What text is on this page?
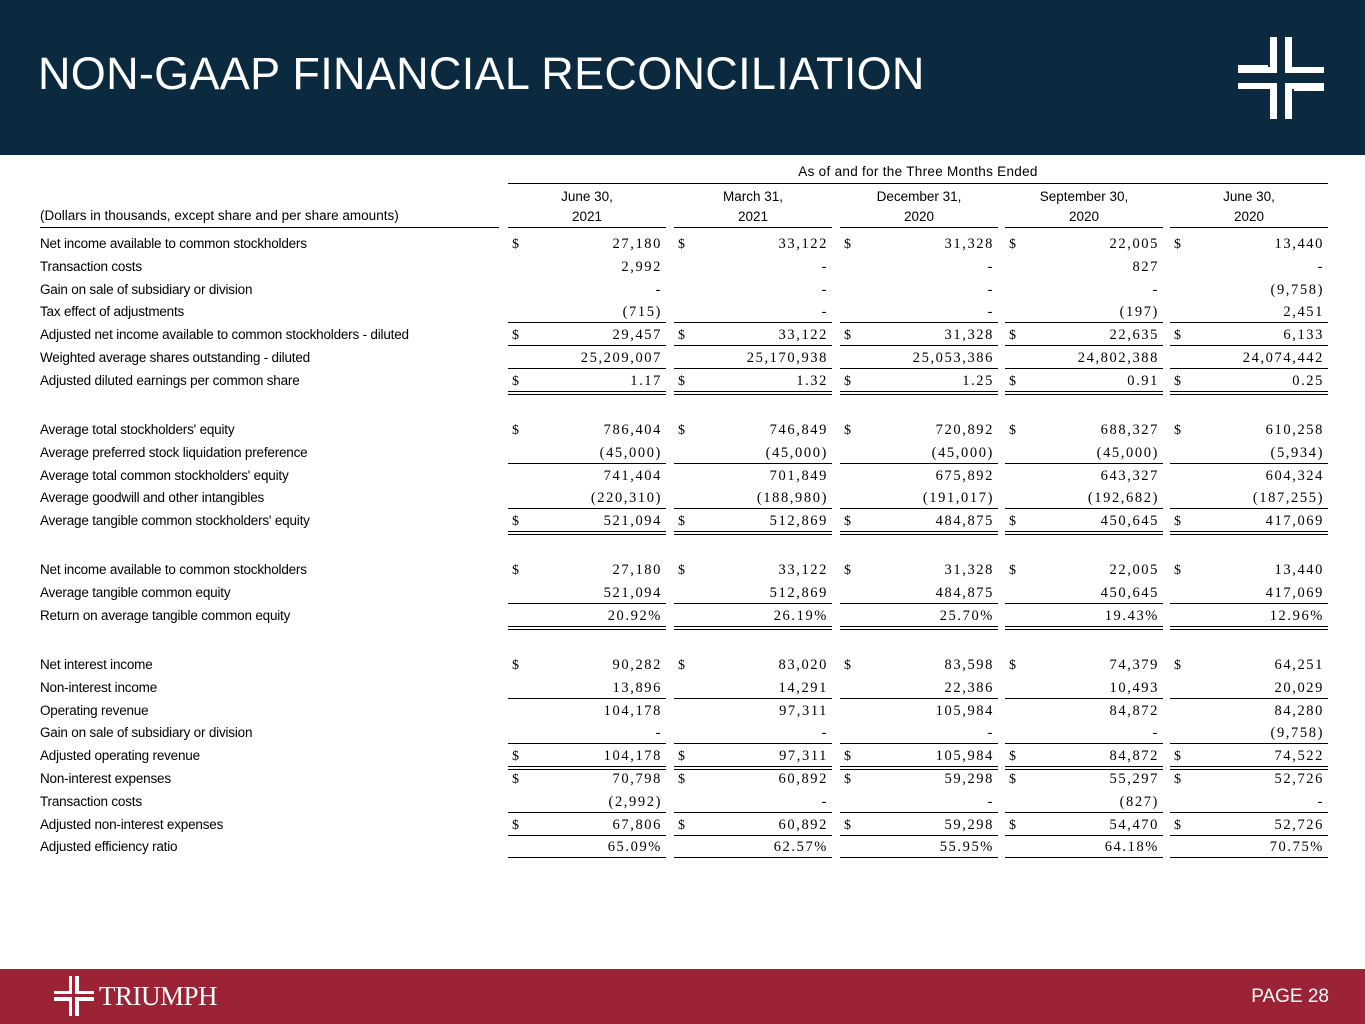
NON-GAAP FINANCIAL RECONCILIATION
As of and for the Three Months Ended
(Dollars in thousands, except share and per share amounts)
June 30,
2021
March 31,
2021
December 31,
2020
September 30,
2020
June 30,
2020
Net income available to common stockholders	$	27,180 $	33,122 $	31,328 $	22,005 $	13,440
Transaction costs	2,992	-	-	827	-
Gain on sale of subsidiary or division	-	-	-	-	(9,758)
Tax effect of adjustments	(715)	-	-	(197)	2,451
Adjusted net income available to common stockholders - diluted	$	29,457 $	33,122 $	31,328 $	22,635 $	6,133
Weighted average shares outstanding - diluted	25,209,007	25,170,938	25,053,386	24,802,388	24,074,442
Adjusted diluted earnings per common share	$	1.17 $	1.32 $	1.25 $	0.91 $	0.25
Average total stockholders' equity	$	786,404 $	746,849 $	720,892 $	688,327 $	610,258
Average preferred stock liquidation preference	(45,000)	(45,000)	(45,000)	(45,000)	(5,934)
Average total common stockholders' equity	741,404	701,849	675,892	643,327	604,324
Average goodwill and other intangibles	(220,310)	(188,980)	(191,017)	(192,682)	(187,255)
Average tangible common stockholders' equity	$	521,094 $	512,869 $	484,875 $	450,645 $	417,069
Net income available to common stockholders	$	27,180 $	33,122 $	31,328 $	22,005 $	13,440
Average tangible common equity	521,094	512,869	484,875	450,645	417,069
Return on average tangible common equity	20.92%	26.19%	25.70%	19.43%	12.96%
Net interest income	$	90,282 $	83,020 $	83,598 $	74,379 $	64,251
Non-interest income	13,896	14,291	22,386	10,493	20,029
Operating revenue	104,178	97,311	105,984	84,872	84,280
Gain on sale of subsidiary or division	-	-	-	-	(9,758)
Adjusted operating revenue	$	104,178 $	97,311 $	105,984 $	84,872 $	74,522
Non-interest expenses	$	70,798 $	60,892 $	59,298 $	55,297 $	52,726
Transaction costs	(2,992)	-	-	(827)	-
Adjusted non-interest expenses	$	67,806 $	60,892 $	59,298 $	54,470 $	52,726
Adjusted efficiency ratio	65.09%	62.57%	55.95%	64.18%	70.75%
TRIUMPH	PAGE 28
